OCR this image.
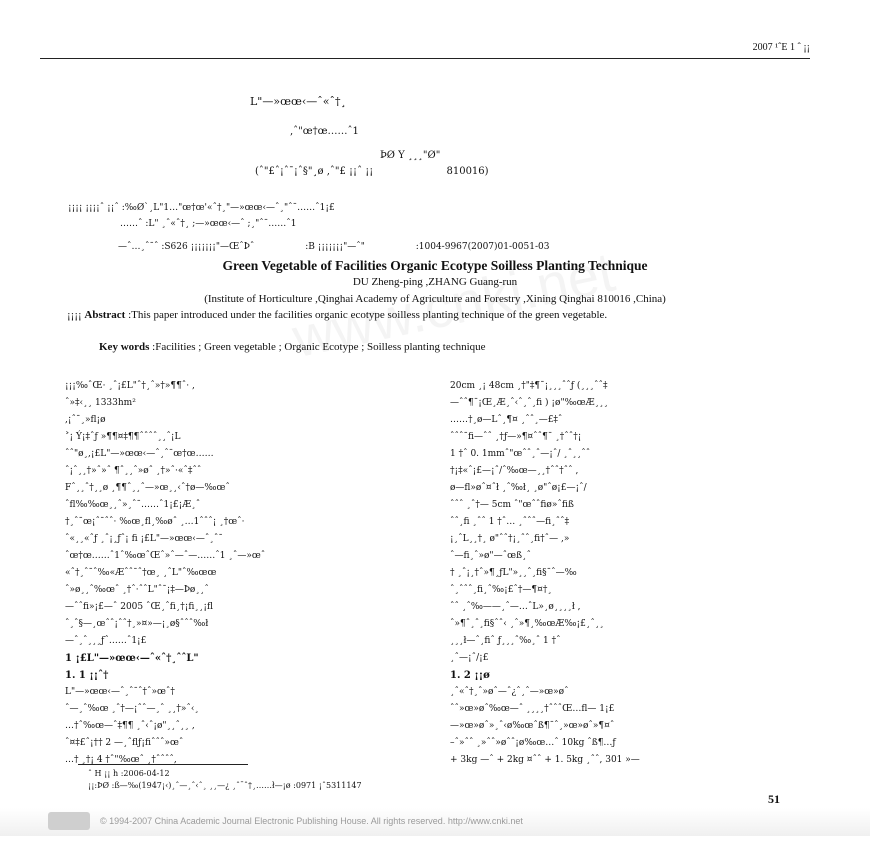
2007 ¹ˆE 1 ˆ ¡¡
L"—»œœ‹—ˆ«ˆ†¸
,ˆ"œ†œ……ˆ1
ÞØ Y ¸¸¸"Ø"
(ˆ"£ˆ¡ˆ¯¡ˆ§"¸ø ,ˆ"£ ¡¡ˆ ¡¡	810016)
¡¡¡¡ ¡¡¡¡ˆ ¡¡ˆ :‰Ø`¸L"1…"œ†œ'«ˆ†¸"—»œœ‹—ˆ¸"ˆ¯……ˆ1¡£
……ˆ :L" ¸ˆ«ˆ†¸ ;—»œœ‹—ˆ ;¸"ˆ¯……ˆ1
—ˆ…¸ˆ¯ˆ :S626 ¡¡¡¡¡¡¡"—ŒˆÞˆ	:B ¡¡¡¡¡¡¡"—ˆ"	:1004-9967(2007)01-0051-03
Green Vegetable of Facilities Organic Ecotype Soilless Planting Technique
DU Zheng-ping ,ZHANG Guang-run
(Institute of Horticulture ,Qinghai Academy of Agriculture and Forestry ,Xining Qinghai 810016 ,China)
¡¡¡¡ Abstract :This paper introduced under the facilities organic ecotype soilless planting technique of the green vegetable.
Key words :Facilities ; Green vegetable ; Organic Ecotype ; Soilless planting technique
¡¡¡‰ˆŒ· ¸ˆ¡£L"ˆ†¸ˆ»†»¶¶ˆ· ,
ˆ»‡‹¸¸ 1333hm²
,¡ˆ¯¸»fl¡ø
˃¡ Ý¡‡ˆƒ »¶¶¤‡¶¶ˆˆˆˆ¸¸ˆ¡L
ˆˆ"ø¸,¡£L"—»œœ‹—ˆ¸ˆ¯œ†œ……
ˆ¡ˆ¸¸†»ˆ»ˆ ¶ˆ¸¸ˆ»øˆ ¸†»ˆ·«ˆ‡ˆˆ
Fˆ¸¸ˆ†¸¸ø ¸¶¶ˆ¸¸ˆ—»œ¸¸‹ˆ†ø—‰œˆ
ˆfl‰‰œ¸¸ˆ»¸ˆ¯……ˆ1¡£¡Æ¸ˆ
†¸ˆ¯œ¡ˆ¯ˆˆ· ‰œ¸fl¸‰øˆ ¸…1ˆˆˆ¡ ¸†œˆ·
ˆ«¸¸«ˆƒ ¸ˆ¡¸ƒˆ¡ fi ¡£L"—»œœ‹—ˆ¸ˆ¯
ˆœ†œ……ˆ1ˆ‰œˆŒˆ»ˆ—ˆ—……ˆ1 ¸ˆ—»œˆ
«ˆ†¸ˆ¯ˆ‰«Æˆˆ¯ˆ†œ¸ ¸ˆL"ˆ‰œœ
ˆ»ø¸¸ˆ‰œˆ ¸†ˆ·ˆˆL"ˆ¯¡‡—Þø¸¸ˆ
—ˆˆfi»¡£—ˆ 2005 ˆŒ¸ˆfi¸†¡fi¸¸¡fl
ˆ¸ˆ§—¸œˆˆ¡ˆˆ†¸»¤»—¡¸ø§ˆˆˆ‰ł
—ˆ¸ˆ¸¸¸ƒˆ……ˆ1¡£
1 ¡£L"—»œœ‹—ˆ«ˆ†¸ˆˆL"
1. 1 ¡¡ˆ†
L"—»œœ‹—ˆ¸ˆ¯ˆ†ˆ»œˆ†
ˆ—¸ˆ‰œ ¸ˆ†—¡ˆˆ—¸ˆ ¸¸†»ˆ‹¸
…†ˆ‰œ—ˆ‡¶¶ ¸ˆ‹ˆ¡ø"¸¸ˆ¸¸ ,
ˆ¤‡£ˆ¡†† 2 —¸ˆflƒ¡fiˆˆˆ»œˆ
…† ¸†¡ 4 †ˆ"‰œˆ ¸†ˆˆˆˆ,
20cm ¸¡ 48cm ¸†"‡¶¯¡¸¸¸ˆˆƒ (¸¸¸ˆˆ‡
—ˆˆ¶¯¡Œ¸Æ¸ˆ‹ˆ¸ˆ¸fi ) ¡ø"‰œÆ¸¸¸
……†¸ø—Lˆ¸¶¤ ¸ˆˆ¸—£‡ˆ
ˆˆˆ¯fi—ˆˆ ¸†ƒ—»¶¤ˆˆ¶¯ ¸†ˆˆ†¡
1 †ˆ 0. 1mmˆ"œˆˆ¸ˆ—¡ˆ/ ¸ˆ¸¸ˆˆ
†¡‡«ˆ¡£—¡ˆ/ˆ‰œ—¸¸†ˆˆ†ˆˆ ,
ø—fl»øˆ¤ˆł ¸ˆ‰ł¸ ¸ø"ˆø¡£—¡ˆ/
ˆˆˆ ¸ˆ†— 5cm ˆ"œˆˆfiø»ˆfiß
ˆˆ¸fi ¸ˆˆ 1 †ˆ… ¸ˆˆˆ—fi¸ˆˆ‡
¡¸ˆL¸¸†¸ ø"ˆˆ†¡¸ˆˆ¸fi†ˆ— ,»
ˆ—fi¸ˆ»ø"—ˆœß¸ˆ
† ¸ˆ¡¸†ˆ»¶¸ƒL"»¸¸ˆ¸fi§¯ˆ—‰
ˆ¸ˆˆˆ¸fi¸ˆ‰¡£ˆ†—¶¤†¸
ˆˆ ¸ˆ‰——¸ˆ—…ˆL»¸ø¸¸¸¸ł ,
ˆ»¶ˆ¸ˆ¸fi§ˆˆ‹ ¸ˆ»¶¸‰œÆ‰¡£¸ˆ¸¸
¸¸¸ł—ˆ¸fiˆ ƒ¸¸¸ˆ‰¸ˆ 1 †ˆ
¸ˆ—¡ˆ/¡£
1. 2 ¡¡ø
¸ˆ«ˆ†¸ˆ»øˆ—ˆ¿ˆ¸ˆ—»œ»øˆ
ˆˆ»œ»øˆ‰œ—ˆ ¸¸¸¸†ˆˆˆŒ…fl— 1¡£
—»œ»øˆ»¸ˆ‹ø‰œˆß¶¯ˆ¸»œ»øˆ»¶¤ˆ
–ˆ»ˆˆ ¸»ˆˆ»øˆˆ¡ø‰œ…ˆ 10kg ˆß¶…ƒ
+ 3kg —ˆ + 2kg ¤ˆˆ + 1. 5kg ¸ˆˆ, 301 »—
ˆ H ¡¡ h :2006-04-12
¡¡:ÞØ :ß—‰(1947¡‹)¸ˆ—¸ˆ‹ˆ¸ ¸¸—¿ ¸ˆ¯ˆ†¸……ł—¡ø :0971 ¡ˆ5311147
51
© 1994-2007 China Academic Journal Electronic Publishing House. All rights reserved. http://www.cnki.net
